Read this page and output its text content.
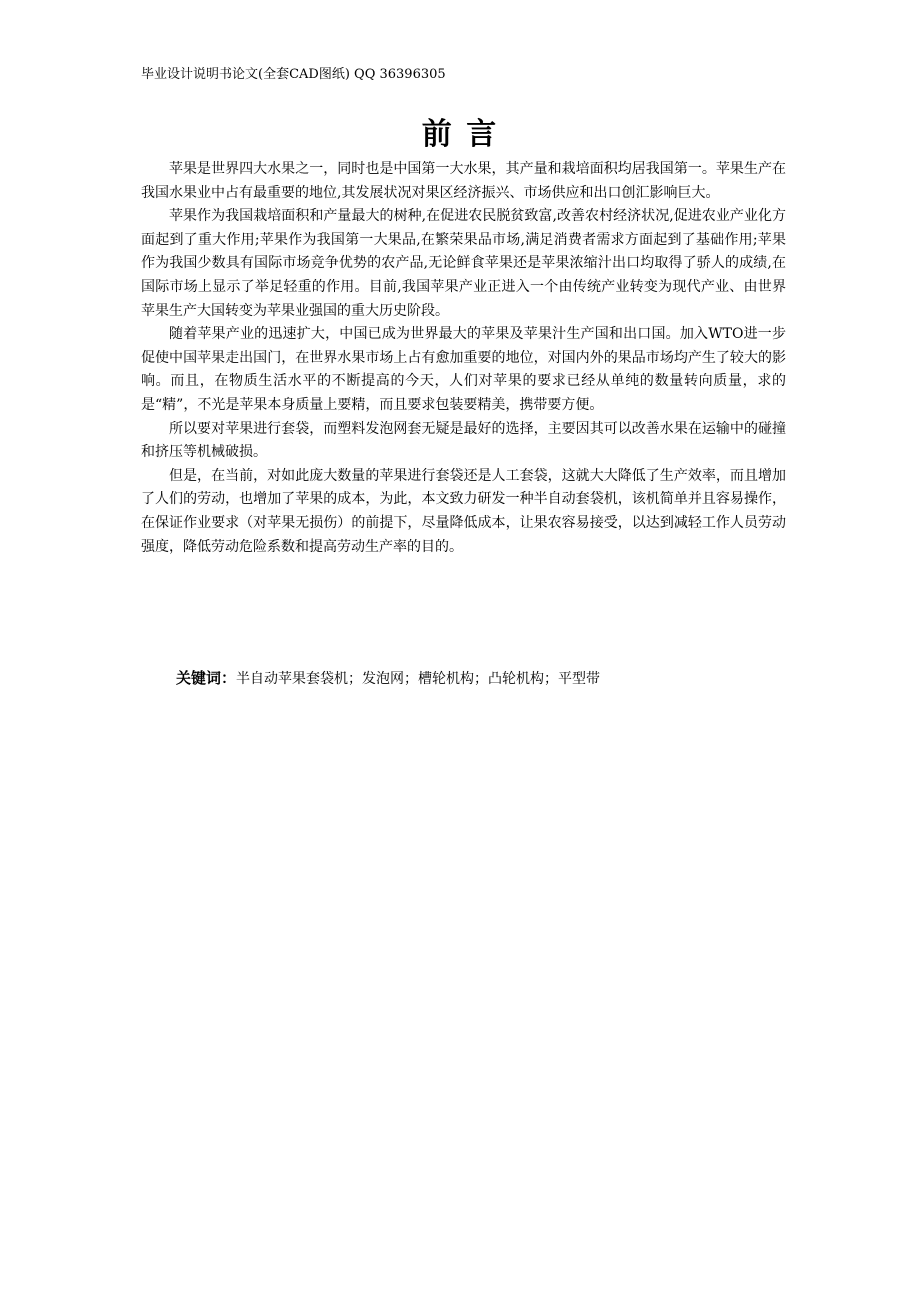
毕业设计说明书论文(全套CAD图纸) QQ 36396305
前 言

苹果是世界四大水果之一，同时也是中国第一大水果，其产量和栽培面积均居我国第一。苹果生产在我国水果业中占有最重要的地位,其发展状况对果区经济振兴、市场供应和出口创汇影响巨大。

苹果作为我国栽培面积和产量最大的树种,在促进农民脱贫致富,改善农村经济状况,促进农业产业化方面起到了重大作用;苹果作为我国第一大果品,在繁荣果品市场,满足消费者需求方面起到了基础作用;苹果作为我国少数具有国际市场竞争优势的农产品,无论鲜食苹果还是苹果浓缩汁出口均取得了骄人的成绩,在国际市场上显示了举足轻重的作用。目前,我国苹果产业正进入一个由传统产业转变为现代产业、由世界苹果生产大国转变为苹果业强国的重大历史阶段。

随着苹果产业的迅速扩大，中国已成为世界最大的苹果及苹果汁生产国和出口国。加入WTO进一步促使中国苹果走出国门，在世界水果市场上占有愈加重要的地位，对国内外的果品市场均产生了较大的影响。而且，在物质生活水平的不断提高的今天，人们对苹果的要求已经从单纯的数量转向质量，求的是“精”，不光是苹果本身质量上要精，而且要求包装要精美，携带要方便。

所以要对苹果进行套袋，而塑料发泡网套无疑是最好的选择，主要因其可以改善水果在运输中的碰撞和挤压等机械破损。

但是，在当前，对如此庞大数量的苹果进行套袋还是人工套袋，这就大大降低了生产效率，而且增加了人们的劳动，也增加了苹果的成本，为此，本文致力研发一种半自动套袋机，该机简单并且容易操作，在保证作业要求（对苹果无损伤）的前提下，尽量降低成本，让果农容易接受，以达到减轻工作人员劳动强度，降低劳动危险系数和提高劳动生产率的目的。

关键词：半自动苹果套袋机；发泡网；槽轮机构；凸轮机构；平型带
